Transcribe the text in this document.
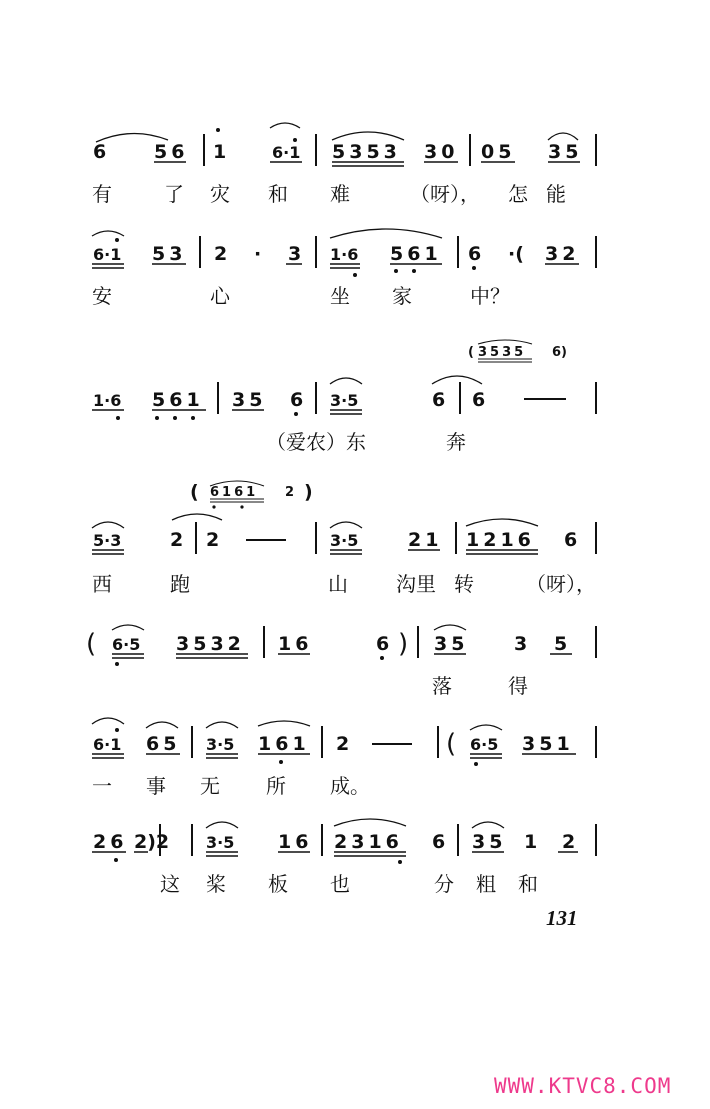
6	56 1	6·1 5353 30 05 35
6·1 53 2 · 3 1·6 561 6 ·( 32
( 3535 6)
1·6 561 35 6 3·5	6 6
( 6161 2 )
5·3	2 2	3·5	21 1216 6
( 6·5 3532 16	6 ) 35 3 5
6·1 65 3·5 161 2	( 6·5 351
26 2)2 3·5 16 2316 6 35 1 2
有	了 灾 和 难	（呀）， 怎 能
安	心	坐 家	中？
（爱农）东	奔
西	跑	山 沟里 转	（呀），
落	得
一 事 无 所 成。
这 桨 板 也	分 粗 和
131
WWW.KTVC8.COM
